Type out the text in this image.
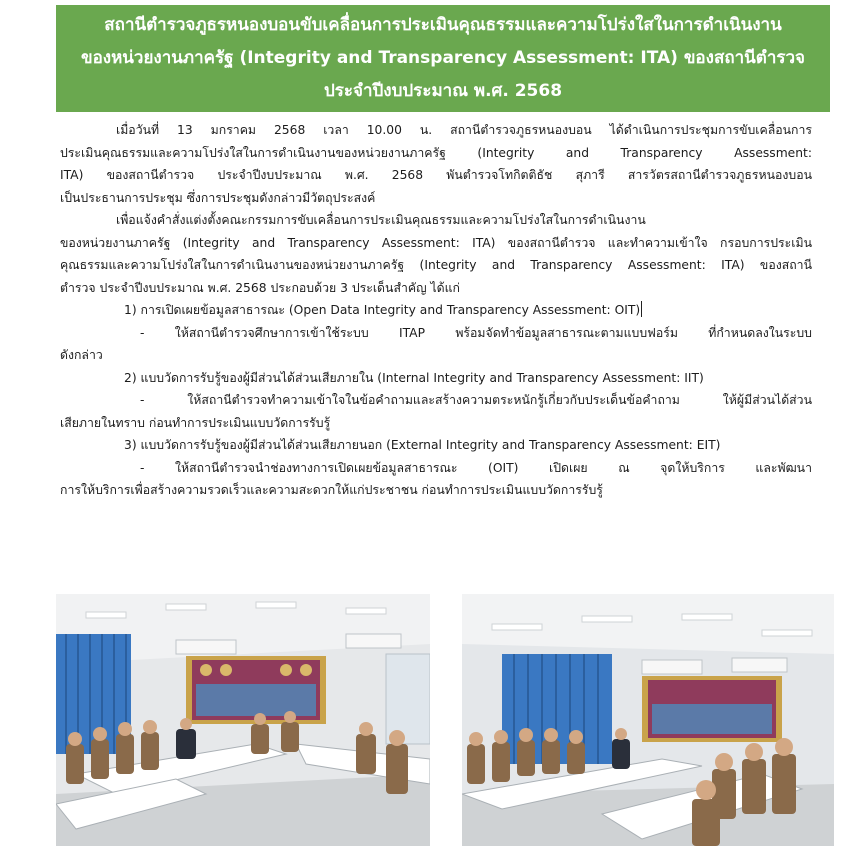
สถานีตำรวจภูธรหนองบอนขับเคลื่อนการประเมินคุณธรรมและความโปร่งใสในการดำเนินงาน
ของหน่วยงานภาครัฐ (Integrity and Transparency Assessment: ITA) ของสถานีตำรวจ
ประจำปีงบประมาณ พ.ศ. 2568
เมื่อวันที่ 13 มกราคม 2568 เวลา 10.00 น. สถานีตำรวจภูธรหนองบอน ได้ดำเนินการประชุมการขับเคลื่อนการ
ประเมินคุณธรรมและความโปร่งใสในการดำเนินงานของหน่วยงานภาครัฐ (Integrity and Transparency Assessment:
ITA) ของสถานีตำรวจ ประจำปีงบประมาณ พ.ศ. 2568 พันตำรวจโทกิตติธัช สุภารี สารวัตรสถานีตำรวจภูธรหนองบอน
เป็นประธานการประชุม ซึ่งการประชุมดังกล่าวมีวัตถุประสงค์
เพื่อแจ้งคำสั่งแต่งตั้งคณะกรรมการขับเคลื่อนการประเมินคุณธรรมและความโปร่งใสในการดำเนินงาน
ของหน่วยงานภาครัฐ (Integrity and Transparency Assessment: ITA) ของสถานีตำรวจ และทำความเข้าใจ กรอบการประเมิน
คุณธรรมและความโปร่งใสในการดำเนินงานของหน่วยงานภาครัฐ (Integrity and Transparency Assessment: ITA) ของสถานี
ตำรวจ ประจำปีงบประมาณ พ.ศ. 2568 ประกอบด้วย 3 ประเด็นสำคัญ ได้แก่
1) การเปิดเผยข้อมูลสาธารณะ (Open Data Integrity and Transparency Assessment: OIT)
- ให้สถานีตำรวจศึกษาการเข้าใช้ระบบ ITAP พร้อมจัดทำข้อมูลสาธารณะตามแบบฟอร์ม ที่กำหนดลงในระบบ
ดังกล่าว
2) แบบวัดการรับรู้ของผู้มีส่วนได้ส่วนเสียภายใน (Internal Integrity and Transparency Assessment: IIT)
- ให้สถานีตำรวจทำความเข้าใจในข้อคำถามและสร้างความตระหนักรู้เกี่ยวกับประเด็นข้อคำถาม ให้ผู้มีส่วนได้ส่วน
เสียภายในทราบ ก่อนทำการประเมินแบบวัดการรับรู้
3) แบบวัดการรับรู้ของผู้มีส่วนได้ส่วนเสียภายนอก (External Integrity and Transparency Assessment: EIT)
- ให้สถานีตำรวจนำช่องทางการเปิดเผยข้อมูลสาธารณะ (OIT) เปิดเผย ณ จุดให้บริการ และพัฒนา
การให้บริการเพื่อสร้างความรวดเร็วและความสะดวกให้แก่ประชาชน ก่อนทำการประเมินแบบวัดการรับรู้
